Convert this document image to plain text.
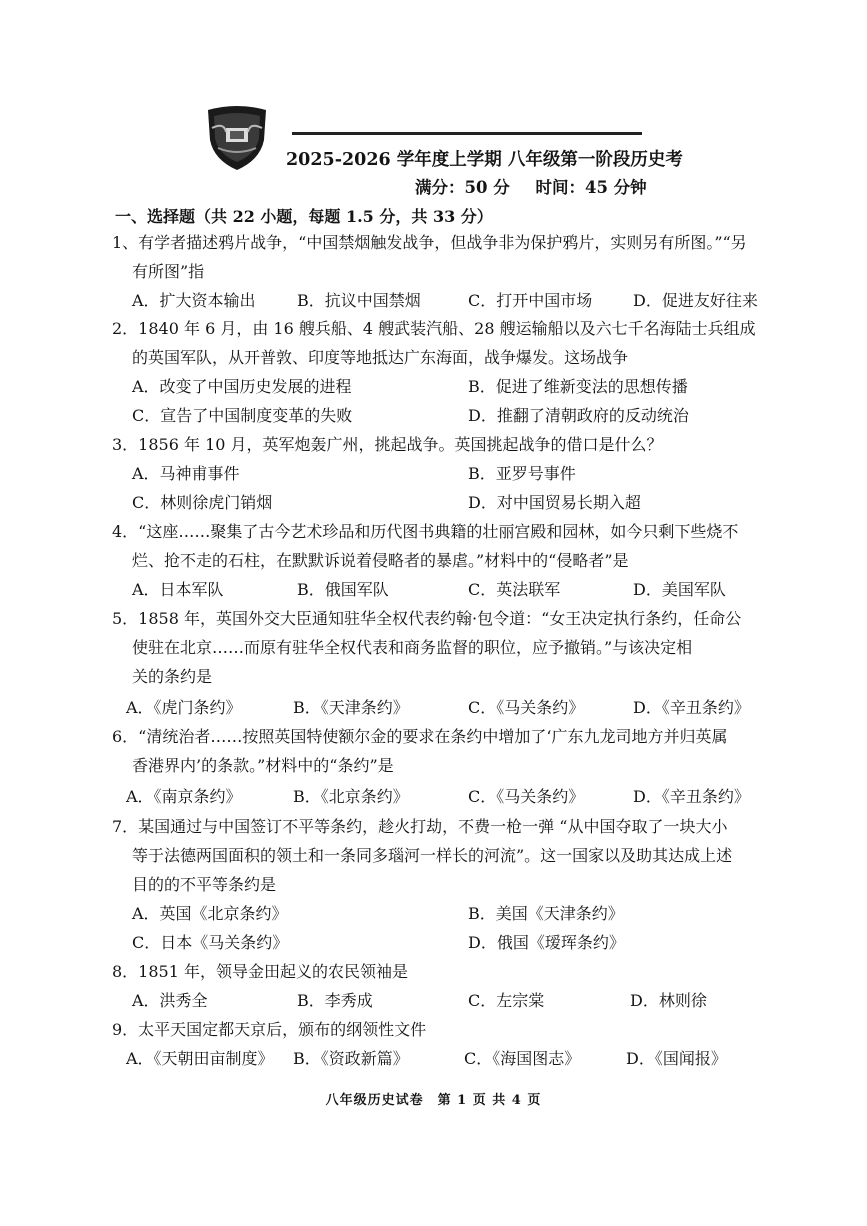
2025-2026 学年度上学期 八年级第一阶段历史考
满分：50 分 时间：45 分钟
一、选择题（共 22 小题，每题 1.5 分，共 33 分）
1、有学者描述鸦片战争，“中国禁烟触发战争，但战争非为保护鸦片，实则另有所图。”“另
有所图”指
A．扩大资本输出	B．抗议中国禁烟	C．打开中国市场	D．促进友好往来
2．1840 年 6 月，由 16 艘兵船、4 艘武装汽船、28 艘运输船以及六七千名海陆士兵组成
的英国军队，从开普敦、印度等地抵达广东海面，战争爆发。这场战争
A．改变了中国历史发展的进程	B．促进了维新变法的思想传播
C．宣告了中国制度变革的失败	D．推翻了清朝政府的反动统治
3．1856 年 10 月，英军炮轰广州，挑起战争。英国挑起战争的借口是什么？
A．马神甫事件	B．亚罗号事件
C．林则徐虎门销烟	D．对中国贸易长期入超
4．“这座……聚集了古今艺术珍品和历代图书典籍的壮丽宫殿和园林，如今只剩下些烧不
烂、抢不走的石柱，在默默诉说着侵略者的暴虐。”材料中的“侵略者”是
A．日本军队	B．俄国军队	C．英法联军	D．美国军队
5．1858 年，英国外交大臣通知驻华全权代表约翰·包令道：“女王决定执行条约，任命公
使驻在北京……而原有驻华全权代表和商务监督的职位，应予撤销。”与该决定相
关的条约是
A．《虎门条约》	B．《天津条约》	C．《马关条约》	D．《辛丑条约》
6．“清统治者……按照英国特使额尔金的要求在条约中增加了‘广东九龙司地方并归英属
香港界内’的条款。”材料中的“条约”是
A．《南京条约》	B．《北京条约》	C．《马关条约》	D．《辛丑条约》
7．某国通过与中国签订不平等条约，趁火打劫，不费一枪一弹 “从中国夺取了一块大小
等于法德两国面积的领土和一条同多瑙河一样长的河流”。这一国家以及助其达成上述
目的的不平等条约是
A．英国《北京条约》	B．美国《天津条约》
C．日本《马关条约》	D．俄国《瑷珲条约》
8．1851 年，领导金田起义的农民领袖是
A．洪秀全	B．李秀成	C．左宗棠	D．林则徐
9．太平天国定都天京后，颁布的纲领性文件
A．《天朝田亩制度》 B．《资政新篇》	C．《海国图志》	D．《国闻报》
八年级历史试卷　第 1 页 共 4 页
